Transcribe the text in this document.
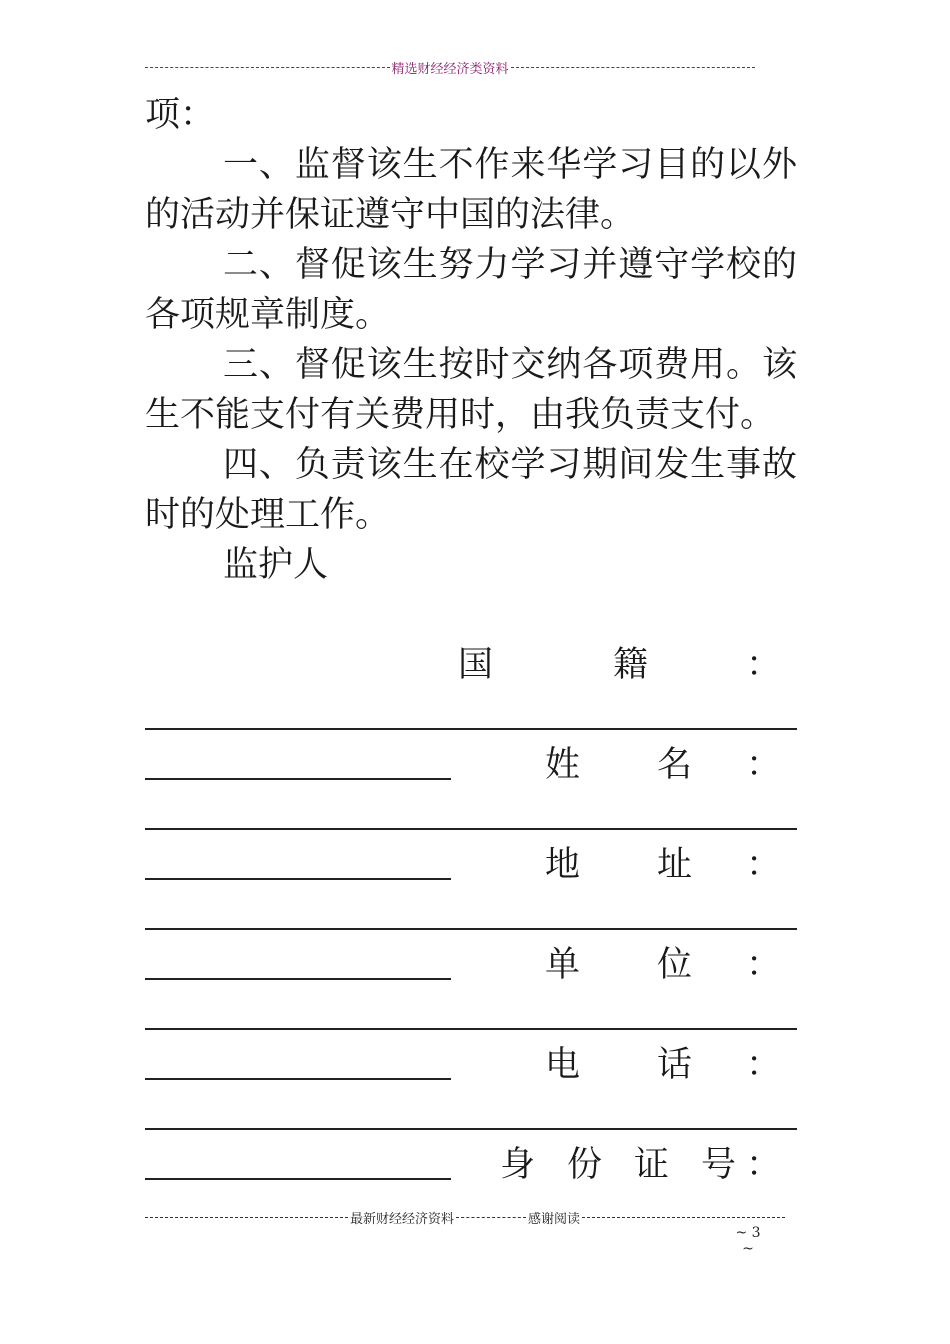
精选财经经济类资料

项：

一、监督该生不作来华学习目的以外的活动并保证遵守中国的法律。

二、督促该生努力学习并遵守学校的各项规章制度。

三、督促该生按时交纳各项费用。该生不能支付有关费用时，由我负责支付。

四、负责该生在校学习期间发生事故时的处理工作。

监护人

国	籍	：
姓 名 ：
地 址 ：
单 位 ：
电 话 ：
身 份 证 号 ：
最新财经经济资料	感谢阅读
~ 3 ~
